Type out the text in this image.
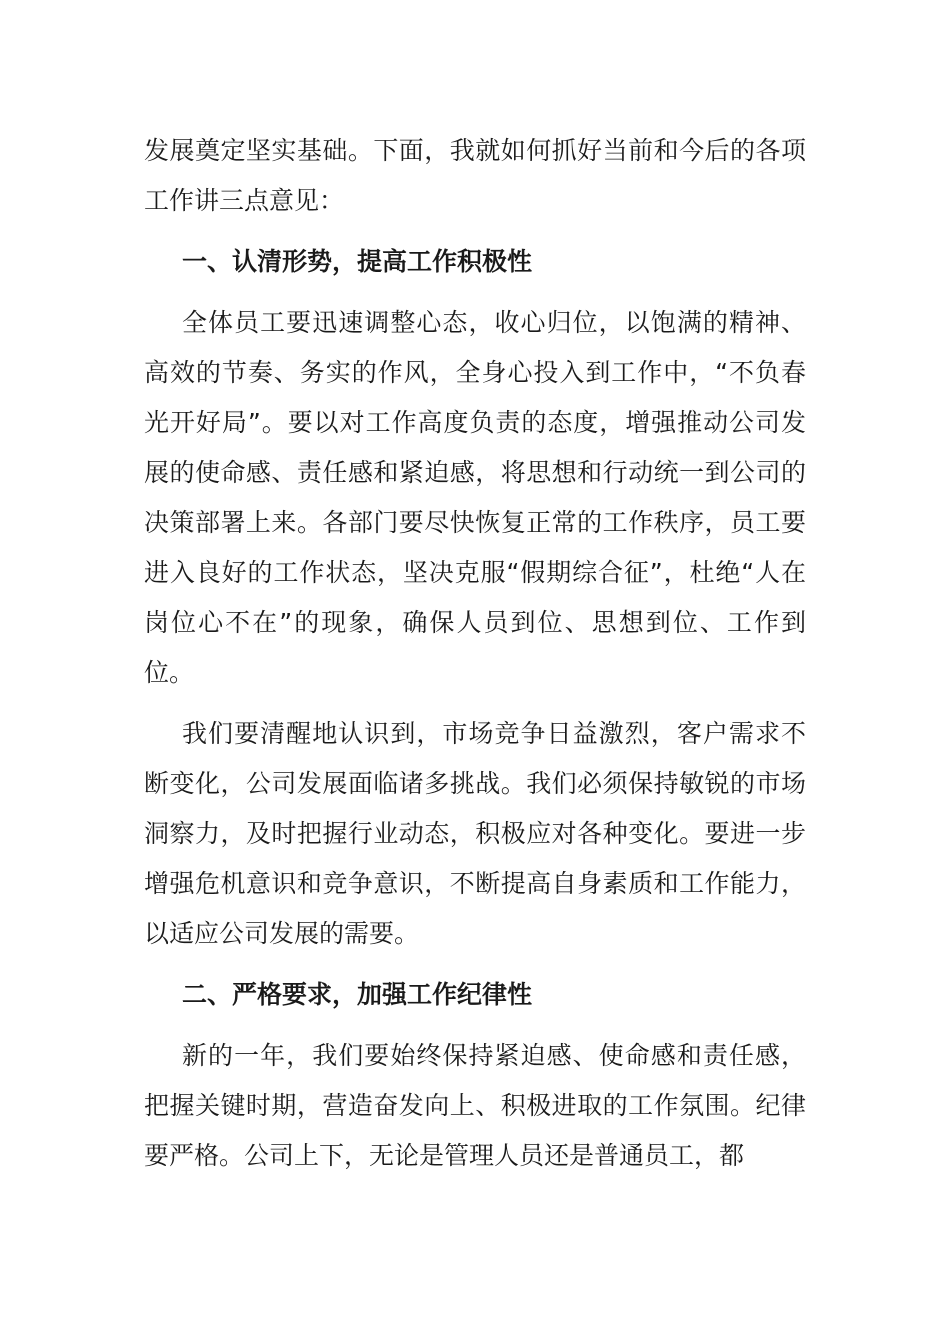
发展奠定坚实基础。下面，我就如何抓好当前和今后的各项工作讲三点意见：

一、认清形势，提高工作积极性

全体员工要迅速调整心态，收心归位，以饱满的精神、高效的节奏、务实的作风，全身心投入到工作中，“不负春光开好局”。要以对工作高度负责的态度，增强推动公司发展的使命感、责任感和紧迫感，将思想和行动统一到公司的决策部署上来。各部门要尽快恢复正常的工作秩序，员工要进入良好的工作状态，坚决克服“假期综合征”，杜绝“人在岗位心不在”的现象，确保人员到位、思想到位、工作到位。

我们要清醒地认识到，市场竞争日益激烈，客户需求不断变化，公司发展面临诸多挑战。我们必须保持敏锐的市场洞察力，及时把握行业动态，积极应对各种变化。要进一步增强危机意识和竞争意识，不断提高自身素质和工作能力，以适应公司发展的需要。

二、严格要求，加强工作纪律性

新的一年，我们要始终保持紧迫感、使命感和责任感，把握关键时期，营造奋发向上、积极进取的工作氛围。纪律要严格。公司上下，无论是管理人员还是普通员工，都
